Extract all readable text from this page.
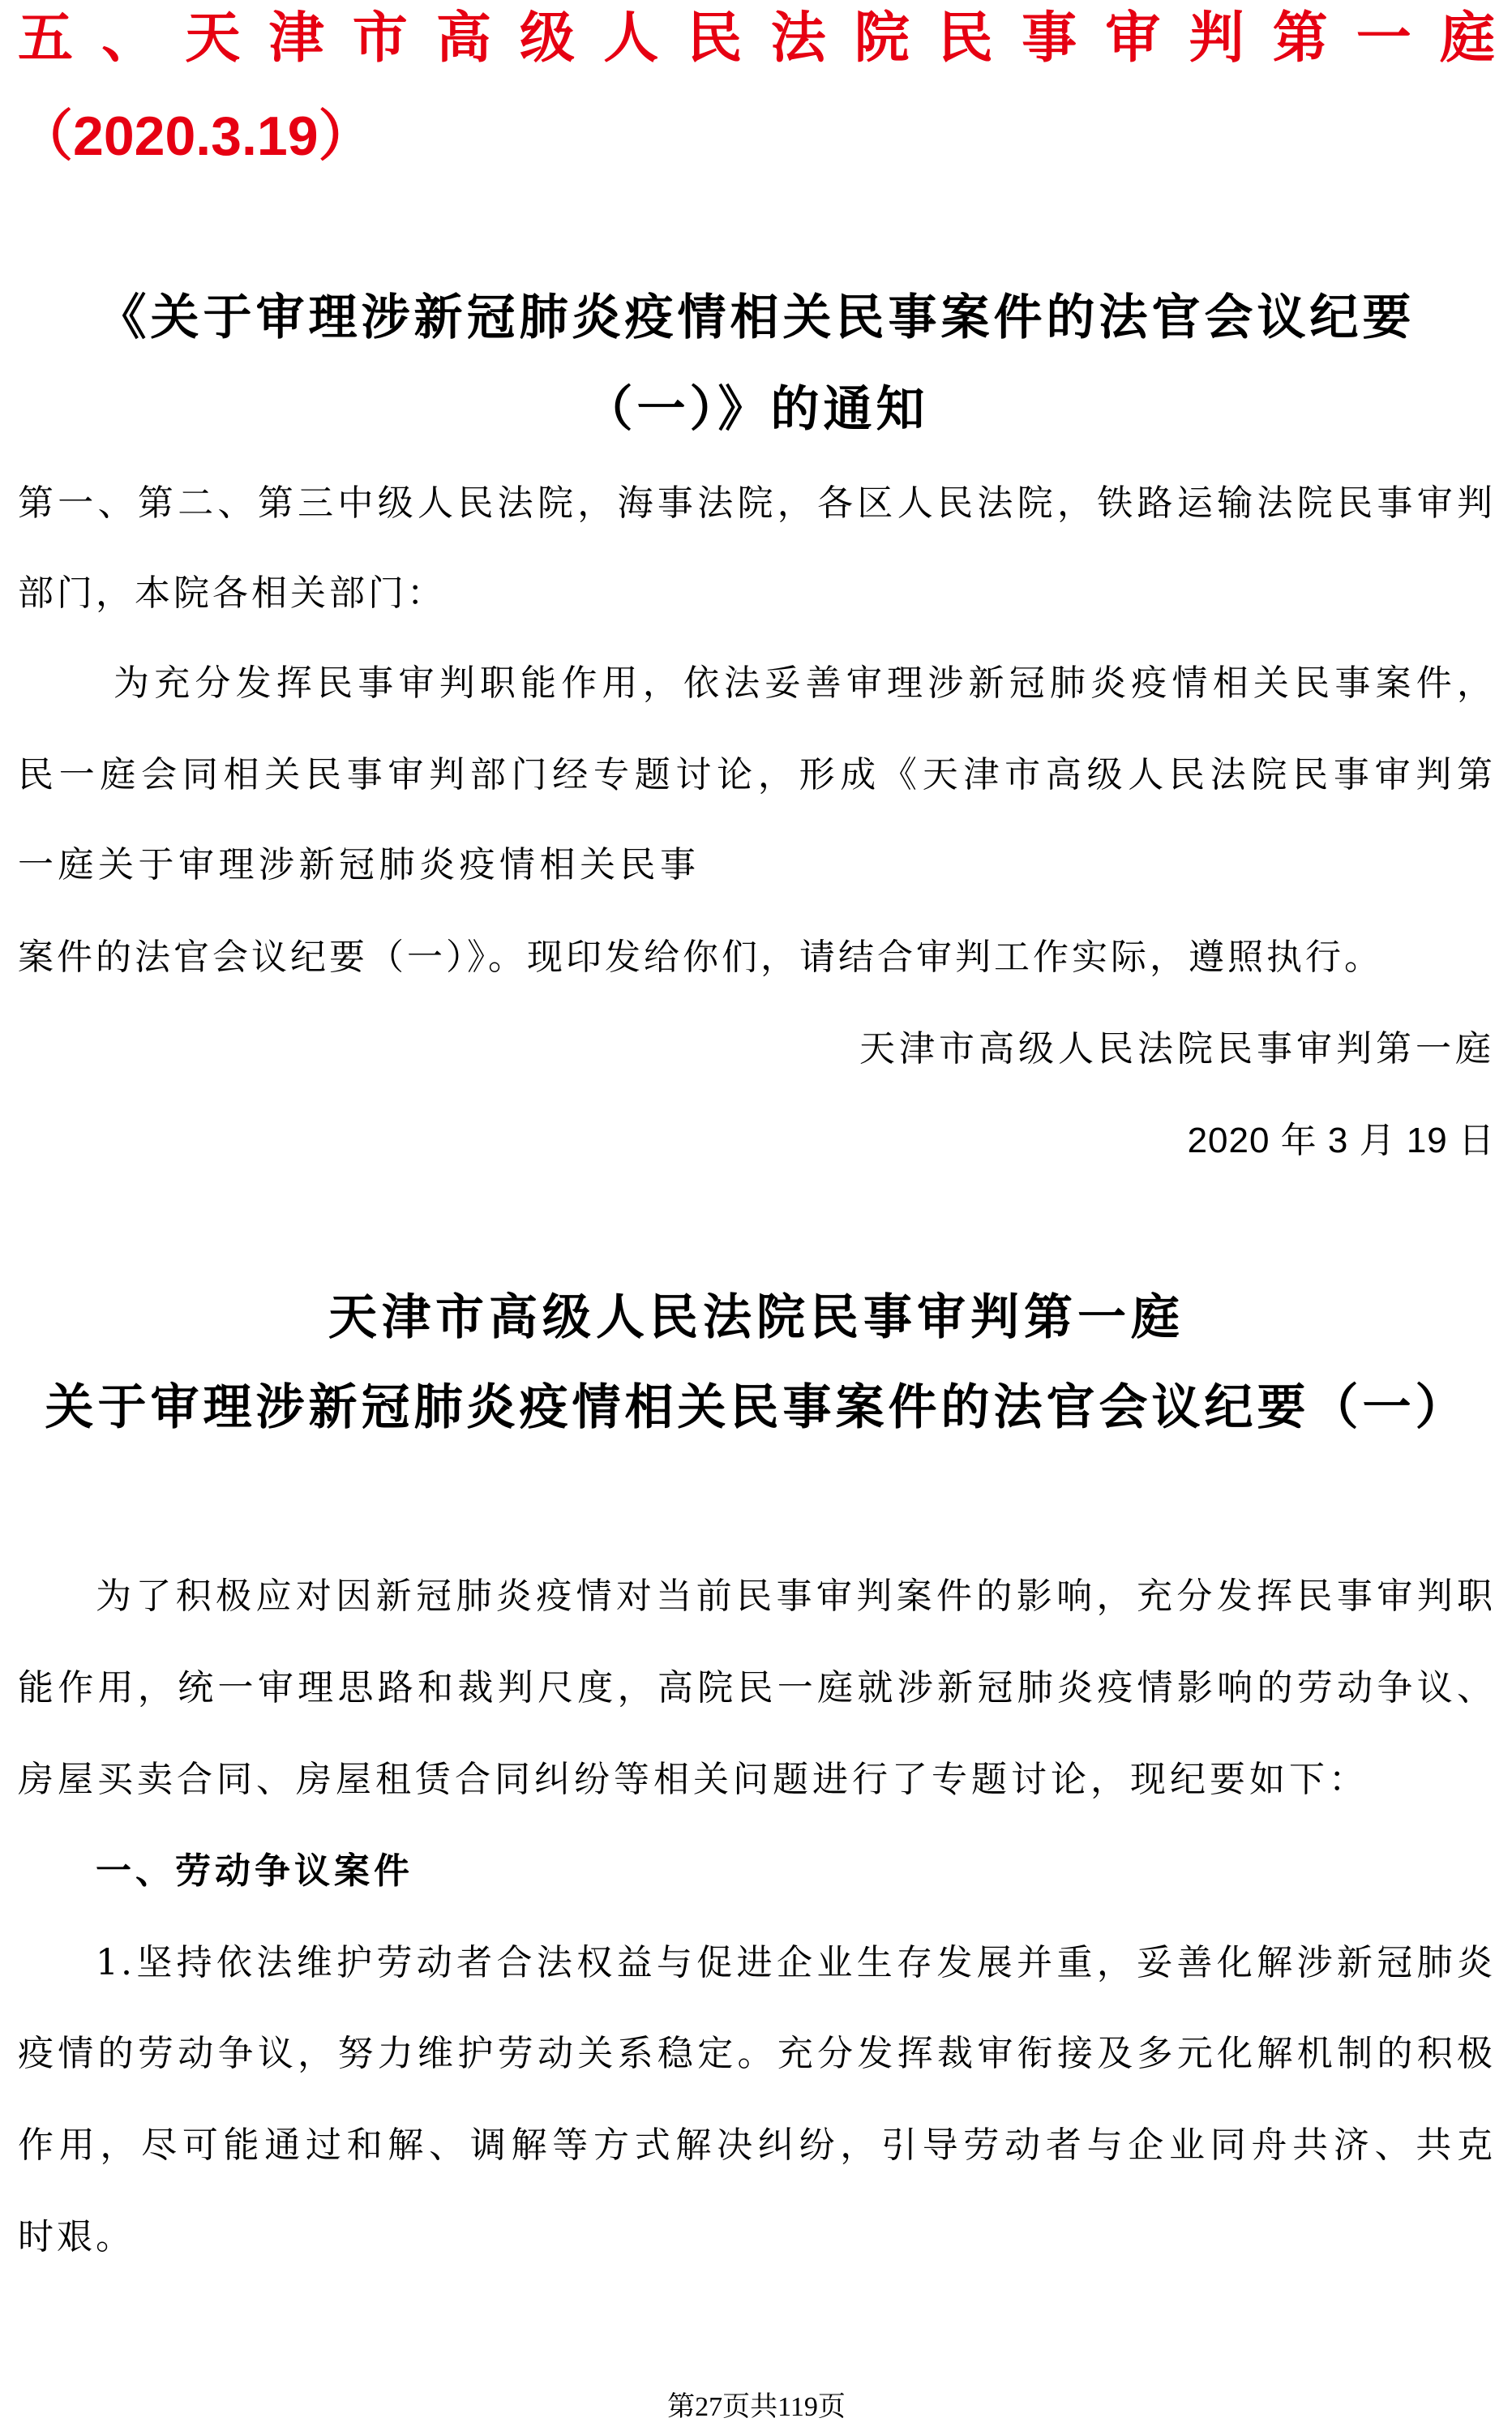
五、天津市高级人民法院民事审判第一庭
（2020.3.19）
《关于审理涉新冠肺炎疫情相关民事案件的法官会议纪要
（一）》的通知
第一、第二、第三中级人民法院，海事法院，各区人民法院，铁路运输法院民事审判
部门，本院各相关部门：
为充分发挥民事审判职能作用，依法妥善审理涉新冠肺炎疫情相关民事案件，
民一庭会同相关民事审判部门经专题讨论，形成《天津市高级人民法院民事审判第
一庭关于审理涉新冠肺炎疫情相关民事
案件的法官会议纪要（一）》。现印发给你们，请结合审判工作实际，遵照执行。
天津市高级人民法院民事审判第一庭
2020 年 3 月 19 日
天津市高级人民法院民事审判第一庭
关于审理涉新冠肺炎疫情相关民事案件的法官会议纪要（一）
为了积极应对因新冠肺炎疫情对当前民事审判案件的影响，充分发挥民事审判职
能作用，统一审理思路和裁判尺度，高院民一庭就涉新冠肺炎疫情影响的劳动争议、
房屋买卖合同、房屋租赁合同纠纷等相关问题进行了专题讨论，现纪要如下：
一、劳动争议案件
1.坚持依法维护劳动者合法权益与促进企业生存发展并重，妥善化解涉新冠肺炎
疫情的劳动争议，努力维护劳动关系稳定。充分发挥裁审衔接及多元化解机制的积极
作用，尽可能通过和解、调解等方式解决纠纷，引导劳动者与企业同舟共济、共克
时艰。
第27页共119页
